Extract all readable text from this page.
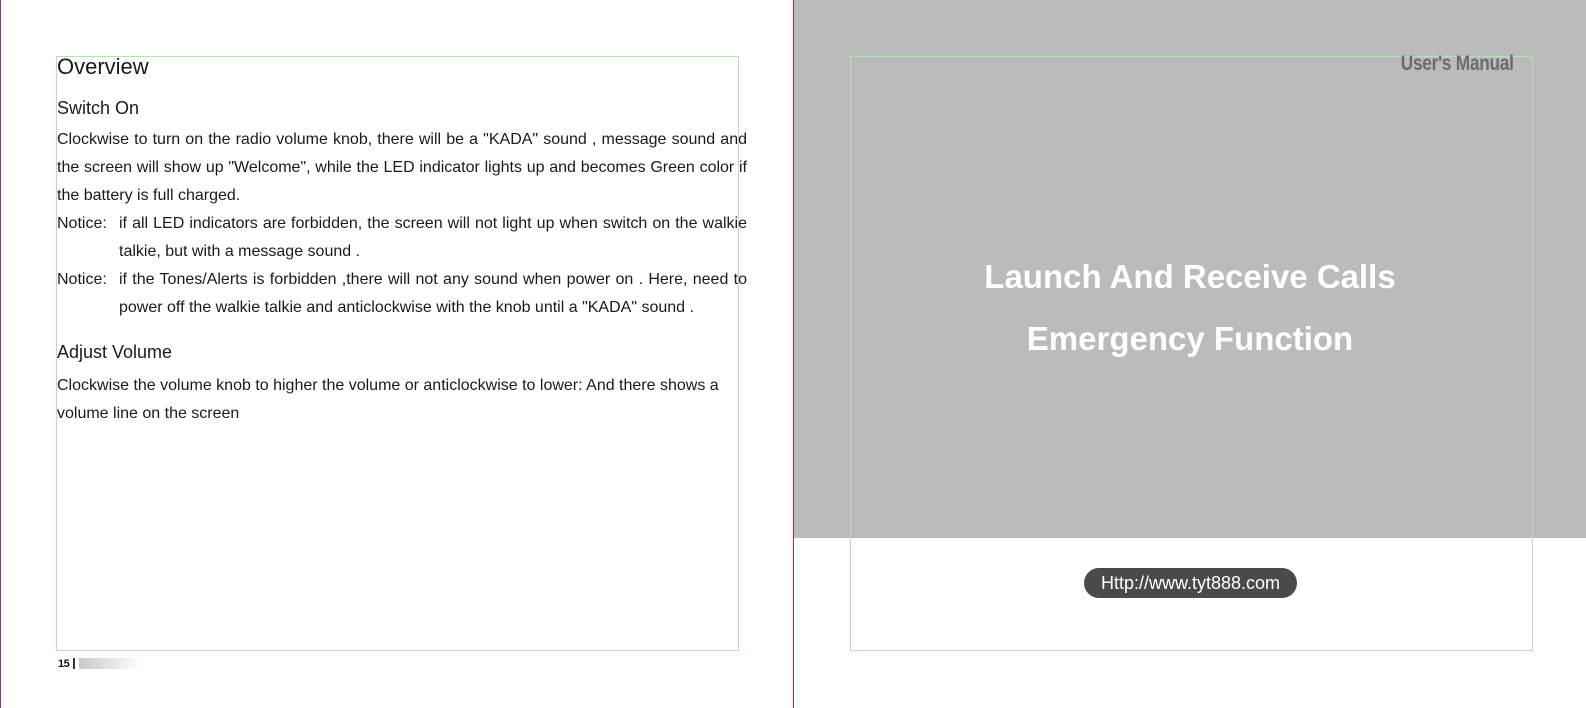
Overview
Switch On
Clockwise to turn on the radio volume knob, there will be a "KADA" sound , message sound and the screen will show up "Welcome", while the LED indicator lights up and becomes Green color if the battery is full charged.
Notice: if all LED indicators are forbidden, the screen will not light up when switch on the walkie talkie, but with a message sound .
Notice: if the Tones/Alerts is forbidden ,there will not any sound when power on . Here, need to power off the walkie talkie and anticlockwise with the knob until a "KADA" sound .
Adjust Volume
Clockwise the volume knob to higher the volume or anticlockwise to lower: And there shows a volume line on the screen
15
User's Manual
Launch And Receive Calls
Emergency Function
Http://www.tyt888.com
